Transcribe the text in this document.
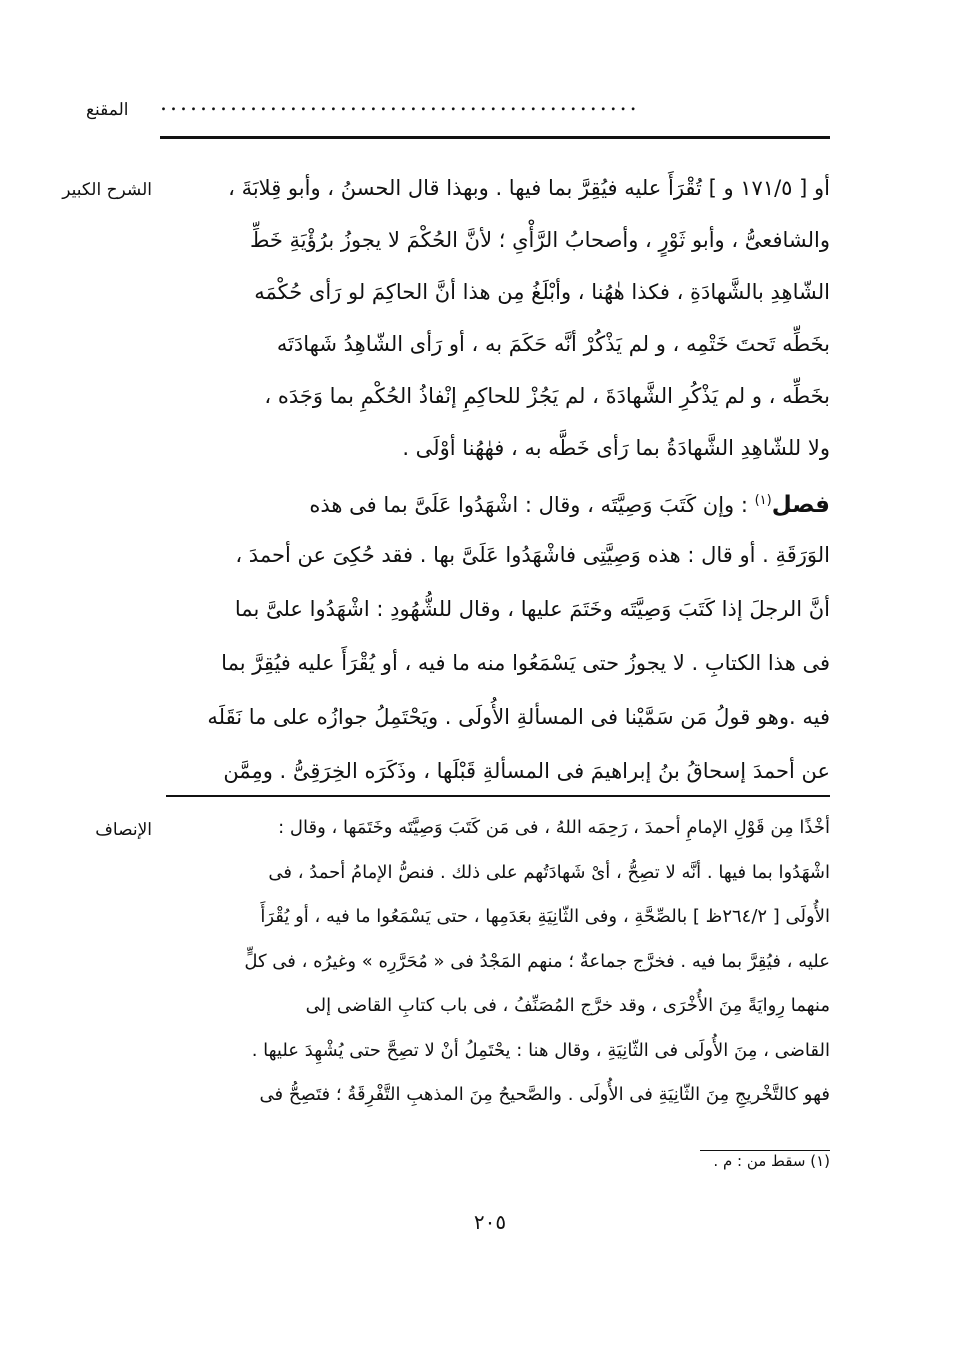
المقنع ................................................
الشرح الكبير	أو [ ١٧١/٥ و ] تُقْرَأَ عليه فيُقِرَّ بما فيها . وبهذا قال الحسنُ ، وأبو قِلابَةَ ،
والشافعىُّ ، وأبو ثَوْرٍ ، وأصحابُ الرَّأْىِ ؛ لأنَّ الحُكْمَ لا يجوزُ برُؤْيَةِ خَطِّ
الشّاهِدِ بالشَّهادَةِ ، فكذا هٰهُنا ، وأبْلَغُ مِن هذا أنَّ الحاكِمَ لو رَأى حُكْمَه
بخَطِّه تَحتَ خَتْمِه ، و لم يَذْكُرْ أنَّه حَكَمَ به ، أو رَأى الشّاهِدُ شَهادَتَه
بخَطِّه ، و لم يَذْكُرِ الشَّهادَةَ ، لم يَجُزْ للحاكِمِ إنْفاذُ الحُكْمِ بما وَجَدَه ،
ولا للشّاهِدِ الشَّهادَةُ بما رَأى خَطَّه به ، فهٰهُنا أوْلَى .
فصل$^{(١)}$ : وإن كَتَبَ وَصِيَّتَه ، وقال : اشْهَدُوا عَلَىَّ بما فى هذه
الوَرَقَةِ . أو قال : هذه وَصِيَّتِى فاشْهَدُوا عَلَىَّ بها . فقد حُكِىَ عن أحمدَ ،
أنَّ الرجلَ إذا كَتَبَ وَصِيَّتَه وخَتَمَ عليها ، وقال للشُّهُودِ : اشْهَدُوا علىَّ بما
فى هذا الكتابِ . لا يجوزُ حتى يَسْمَعُوا منه ما فيه ، أو يُقْرَأَ عليه فيُقِرَّ بما
فيه .وهو قولُ مَن سَمَّيْنا فى المسألةِ الأُولَى . ويَحْتَمِلُ جوازُه على ما نَقَلَه
عن أحمدَ إسحاقُ بنُ إبراهيمَ فى المسألةِ قَبْلَها ، وذَكَرَه الخِرَقِىُّ . ومِمَّن
الإنصاف	أخْذًا مِن قَوْلِ الإمامِ أحمدَ ، رَحِمَه اللهُ ، فى مَن كَتَبَ وَصِيَّتَه وخَتَمَها ، وقال :
اشْهَدُوا بما فيها . أنَّه لا تصِحُّ ، أىْ شَهادَتُهم على ذلك . فنصُّ الإمامُ أحمدُ ، فى
الأُولَى [ ٢٦٤/٢ظ ] بالصِّحَّةِ ، وفى الثّانِيَةِ بعَدَمِها ، حتى يَسْمَعُوا ما فيه ، أو يُقْرَأَ
عليه ، فيُقِرَّ بما فيه . فخرَّج جماعةٌ ؛ منهم المَجْدُ فى « مُحَرَّرِه » وغيرُه ، فى كلٍّ
منهما رِوايَةً مِنَ الأُخْرَى ، وقد خرَّج المُصَنِّفُ ، فى باب كتابِ القاضى إلى
القاضى ، مِنَ الأُولَى فى الثّانِيَةِ ، وقال هنا : يحْتَمِلُ أنْ لا تصِحَّ حتى يُشْهِدَ عليها .
فهو كالتَّخْريجِ مِنَ الثّانِيَةِ فى الأُولَى . والصَّحيحُ مِنَ المذهبِ التَّفْرِقَةُ ؛ فتَصِحُّ فى
(١) سقط من : م .
٢٠٥
